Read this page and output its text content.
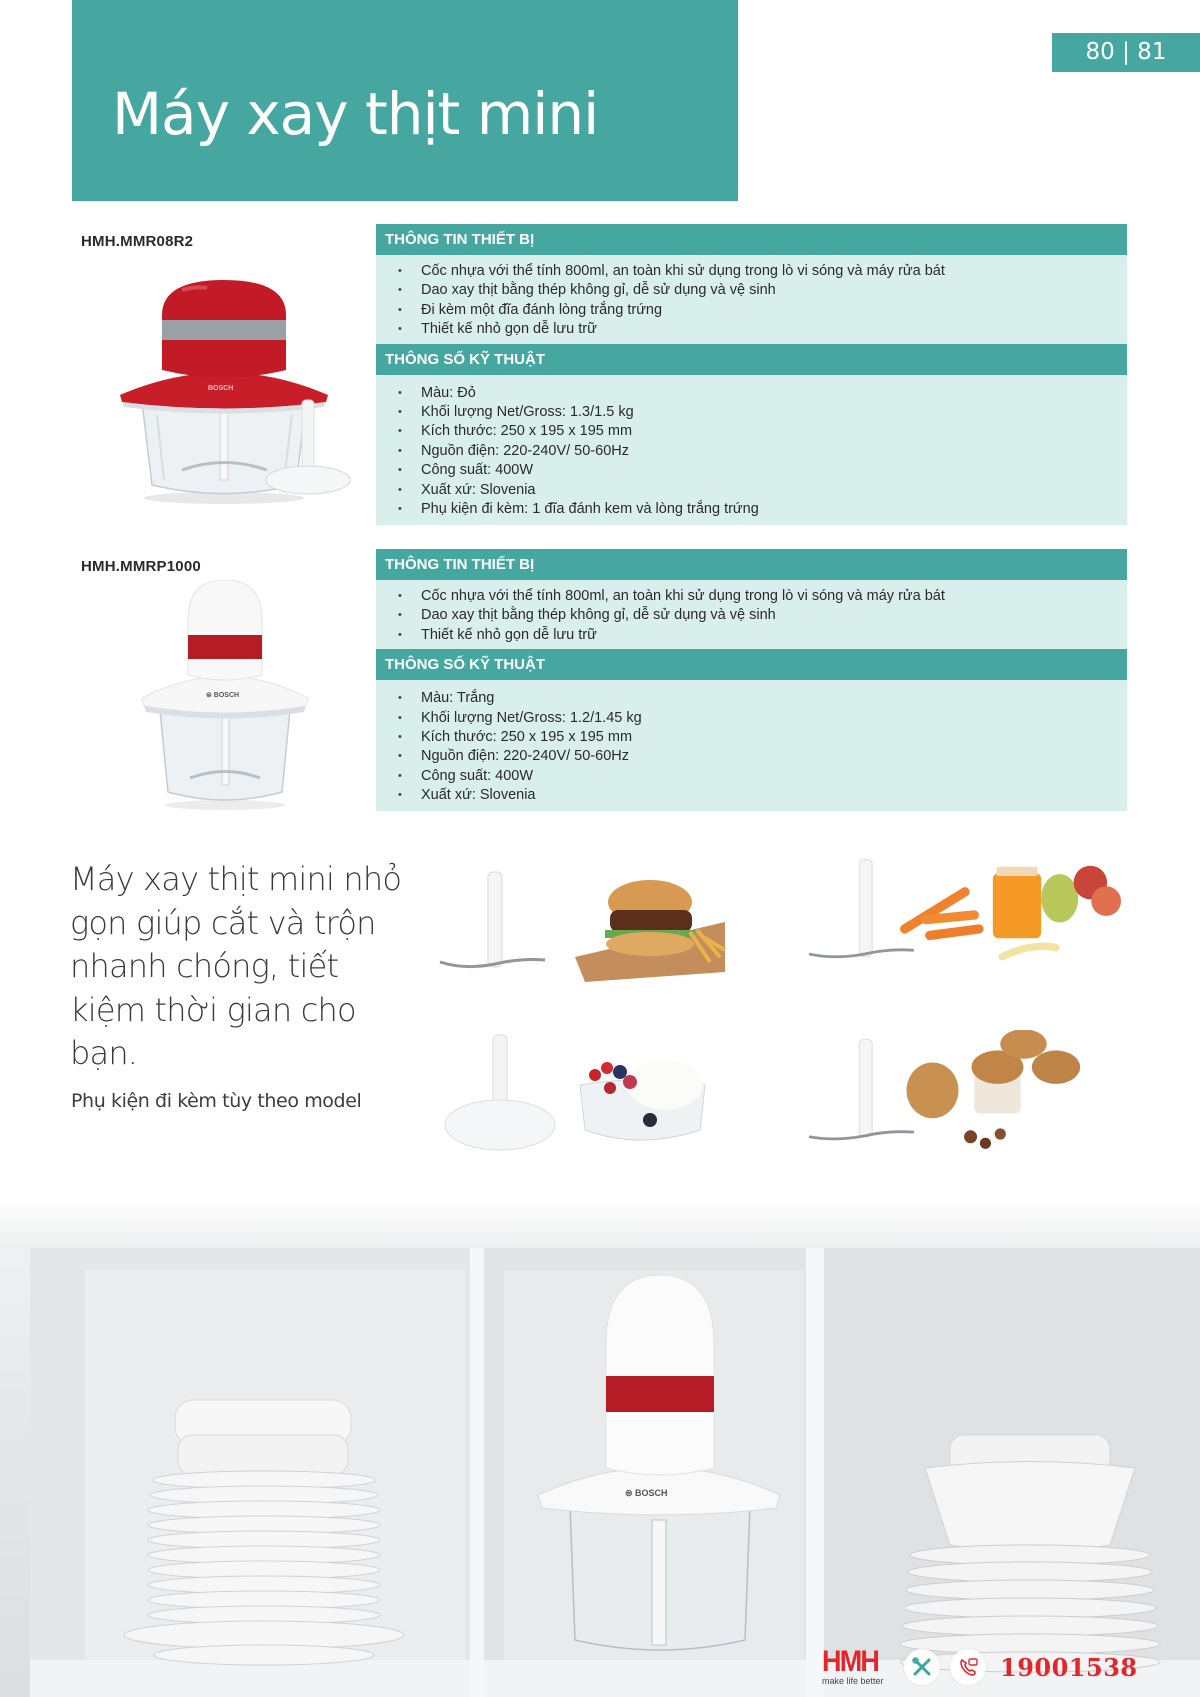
Máy xay thịt mini
80 | 81
HMH.MMR08R2
BOSCH
THÔNG TIN THIẾT BỊ
• Cốc nhựa với thể tính 800ml, an toàn khi sử dụng trong lò vi sóng và máy rửa bát
• Dao xay thịt bằng thép không gỉ, dễ sử dụng và vệ sinh
• Đi kèm một đĩa đánh lòng trắng trứng
• Thiết kế nhỏ gọn dễ lưu trữ
THÔNG SỐ KỸ THUẬT
• Màu: Đỏ
• Khối lượng Net/Gross: 1.3/1.5 kg
• Kích thước: 250 x 195 x 195 mm
• Nguồn điện: 220-240V/ 50-60Hz
• Công suất: 400W
• Xuất xứ: Slovenia
• Phụ kiện đi kèm: 1 đĩa đánh kem và lòng trắng trứng
HMH.MMRP1000
⊜ BOSCH
THÔNG TIN THIẾT BỊ
• Cốc nhựa với thể tính 800ml, an toàn khi sử dụng trong lò vi sóng và máy rửa bát
• Dao xay thịt bằng thép không gỉ, dễ sử dụng và vệ sinh
• Thiết kế nhỏ gọn dễ lưu trữ
THÔNG SỐ KỸ THUẬT
• Màu: Trắng
• Khối lượng Net/Gross: 1.2/1.45 kg
• Kích thước: 250 x 195 x 195 mm
• Nguồn điện: 220-240V/ 50-60Hz
• Công suất: 400W
• Xuất xứ: Slovenia
Máy xay thịt mini nhỏ gọn giúp cắt và trộn nhanh chóng, tiết kiệm thời gian cho bạn.
Phụ kiện đi kèm tùy theo model
⊜ BOSCH
HMH
make life better	19001538
